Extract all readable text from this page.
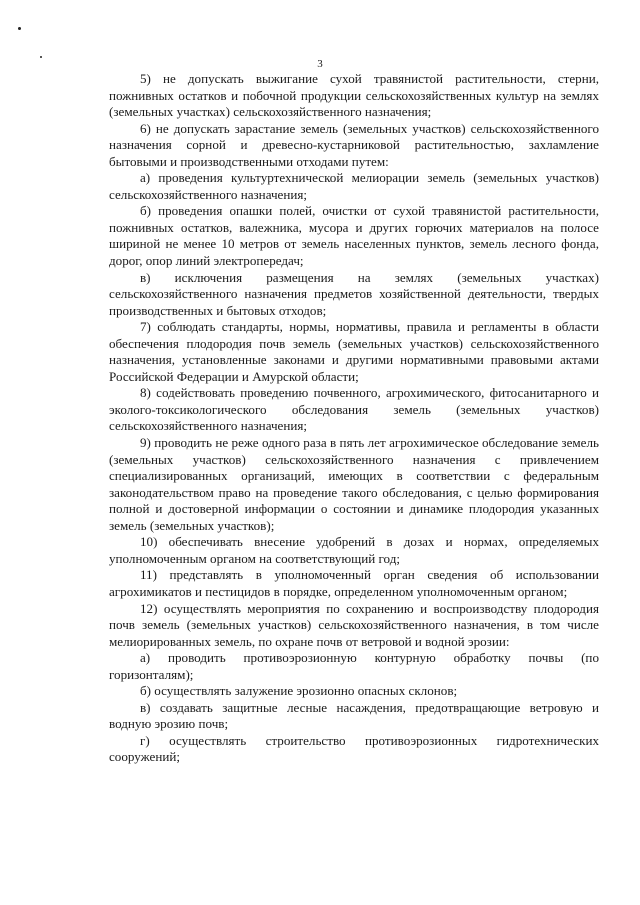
3

5) не допускать выжигание сухой травянистой растительности, стерни, пожнивных остатков и побочной продукции сельскохозяйственных культур на землях (земельных участках) сельскохозяйственного назначения;

6) не допускать зарастание земель (земельных участков) сельскохозяйственного назначения сорной и древесно-кустарниковой растительностью, захламление бытовыми и производственными отходами путем:

а) проведения культуртехнической мелиорации земель (земельных участков) сельскохозяйственного назначения;

б) проведения опашки полей, очистки от сухой травянистой растительности, пожнивных остатков, валежника, мусора и других горючих материалов на полосе шириной не менее 10 метров от земель населенных пунктов, земель лесного фонда, дорог, опор линий электропередач;

в) исключения размещения на землях (земельных участках) сельскохозяйственного назначения предметов хозяйственной деятельности, твердых производственных и бытовых отходов;

7) соблюдать стандарты, нормы, нормативы, правила и регламенты в области обеспечения плодородия почв земель (земельных участков) сельскохозяйственного назначения, установленные законами и другими нормативными правовыми актами Российской Федерации и Амурской области;

8) содействовать проведению почвенного, агрохимического, фитосанитарного и эколого-токсикологического обследования земель (земельных участков) сельскохозяйственного назначения;

9) проводить не реже одного раза в пять лет агрохимическое обследование земель (земельных участков) сельскохозяйственного назначения с привлечением специализированных организаций, имеющих в соответствии с федеральным законодательством право на проведение такого обследования, с целью формирования полной и достоверной информации о состоянии и динамике плодородия указанных земель (земельных участков);

10) обеспечивать внесение удобрений в дозах и нормах, определяемых уполномоченным органом на соответствующий год;

11) представлять в уполномоченный орган сведения об использовании агрохимикатов и пестицидов в порядке, определенном уполномоченным органом;

12) осуществлять мероприятия по сохранению и воспроизводству плодородия почв земель (земельных участков) сельскохозяйственного назначения, в том числе мелиорированных земель, по охране почв от ветровой и водной эрозии:

а) проводить противоэрозионную контурную обработку почвы (по горизонталям);

б) осуществлять залужение эрозионно опасных склонов;

в) создавать защитные лесные насаждения, предотвращающие ветровую и водную эрозию почв;

г) осуществлять строительство противоэрозионных гидротехнических сооружений;
